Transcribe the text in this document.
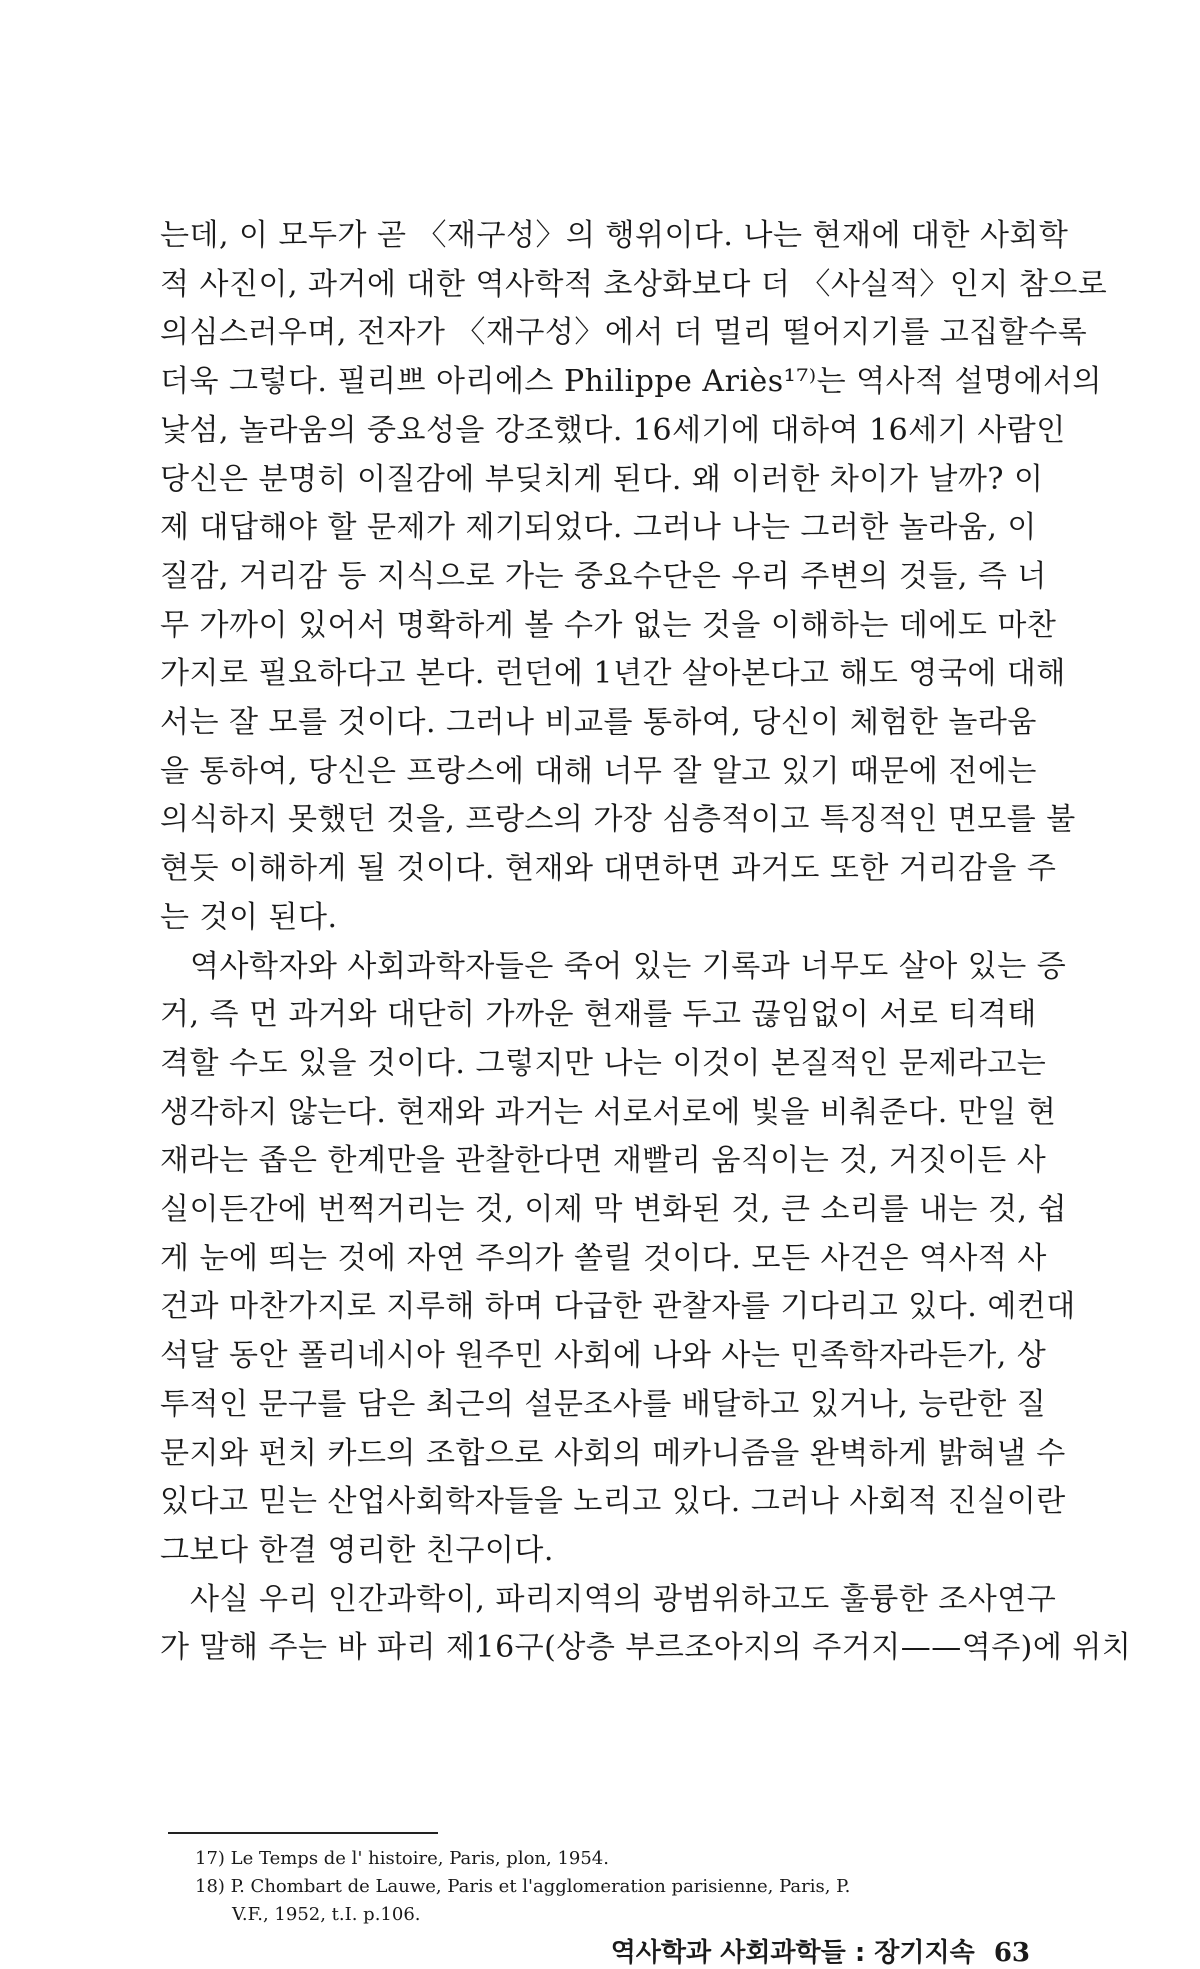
는데, 이 모두가 곧 〈재구성〉의 행위이다. 나는 현재에 대한 사회학
적 사진이, 과거에 대한 역사학적 초상화보다 더 〈사실적〉인지 참으로
의심스러우며, 전자가 〈재구성〉에서 더 멀리 떨어지기를 고집할수록
더욱 그렇다. 필리쁘 아리에스 Philippe Ariès¹⁷⁾는 역사적 설명에서의
낯섬, 놀라움의 중요성을 강조했다. 16세기에 대하여 16세기 사람인
당신은 분명히 이질감에 부딪치게 된다. 왜 이러한 차이가 날까? 이
제 대답해야 할 문제가 제기되었다. 그러나 나는 그러한 놀라움, 이
질감, 거리감 등 지식으로 가는 중요수단은 우리 주변의 것들, 즉 너
무 가까이 있어서 명확하게 볼 수가 없는 것을 이해하는 데에도 마찬
가지로 필요하다고 본다. 런던에 1년간 살아본다고 해도 영국에 대해
서는 잘 모를 것이다. 그러나 비교를 통하여, 당신이 체험한 놀라움
을 통하여, 당신은 프랑스에 대해 너무 잘 알고 있기 때문에 전에는
의식하지 못했던 것을, 프랑스의 가장 심층적이고 특징적인 면모를 불
현듯 이해하게 될 것이다. 현재와 대면하면 과거도 또한 거리감을 주
는 것이 된다.
역사학자와 사회과학자들은 죽어 있는 기록과 너무도 살아 있는 증
거, 즉 먼 과거와 대단히 가까운 현재를 두고 끊임없이 서로 티격태
격할 수도 있을 것이다. 그렇지만 나는 이것이 본질적인 문제라고는
생각하지 않는다. 현재와 과거는 서로서로에 빛을 비춰준다. 만일 현
재라는 좁은 한계만을 관찰한다면 재빨리 움직이는 것, 거짓이든 사
실이든간에 번쩍거리는 것, 이제 막 변화된 것, 큰 소리를 내는 것, 쉽
게 눈에 띄는 것에 자연 주의가 쏠릴 것이다. 모든 사건은 역사적 사
건과 마찬가지로 지루해 하며 다급한 관찰자를 기다리고 있다. 예컨대
석달 동안 폴리네시아 원주민 사회에 나와 사는 민족학자라든가, 상
투적인 문구를 담은 최근의 설문조사를 배달하고 있거나, 능란한 질
문지와 펀치 카드의 조합으로 사회의 메카니즘을 완벽하게 밝혀낼 수
있다고 믿는 산업사회학자들을 노리고 있다. 그러나 사회적 진실이란
그보다 한결 영리한 친구이다.
사실 우리 인간과학이, 파리지역의 광범위하고도 훌륭한 조사연구
가 말해 주는 바 파리 제16구(상층 부르조아지의 주거지——역주)에 위치
17) Le Temps de l' histoire, Paris, plon, 1954.
18) P. Chombart de Lauwe, Paris et l'agglomeration parisienne, Paris, P.
V.F., 1952, t.I. p.106.
역사학과 사회과학들 : 장기지속 63
